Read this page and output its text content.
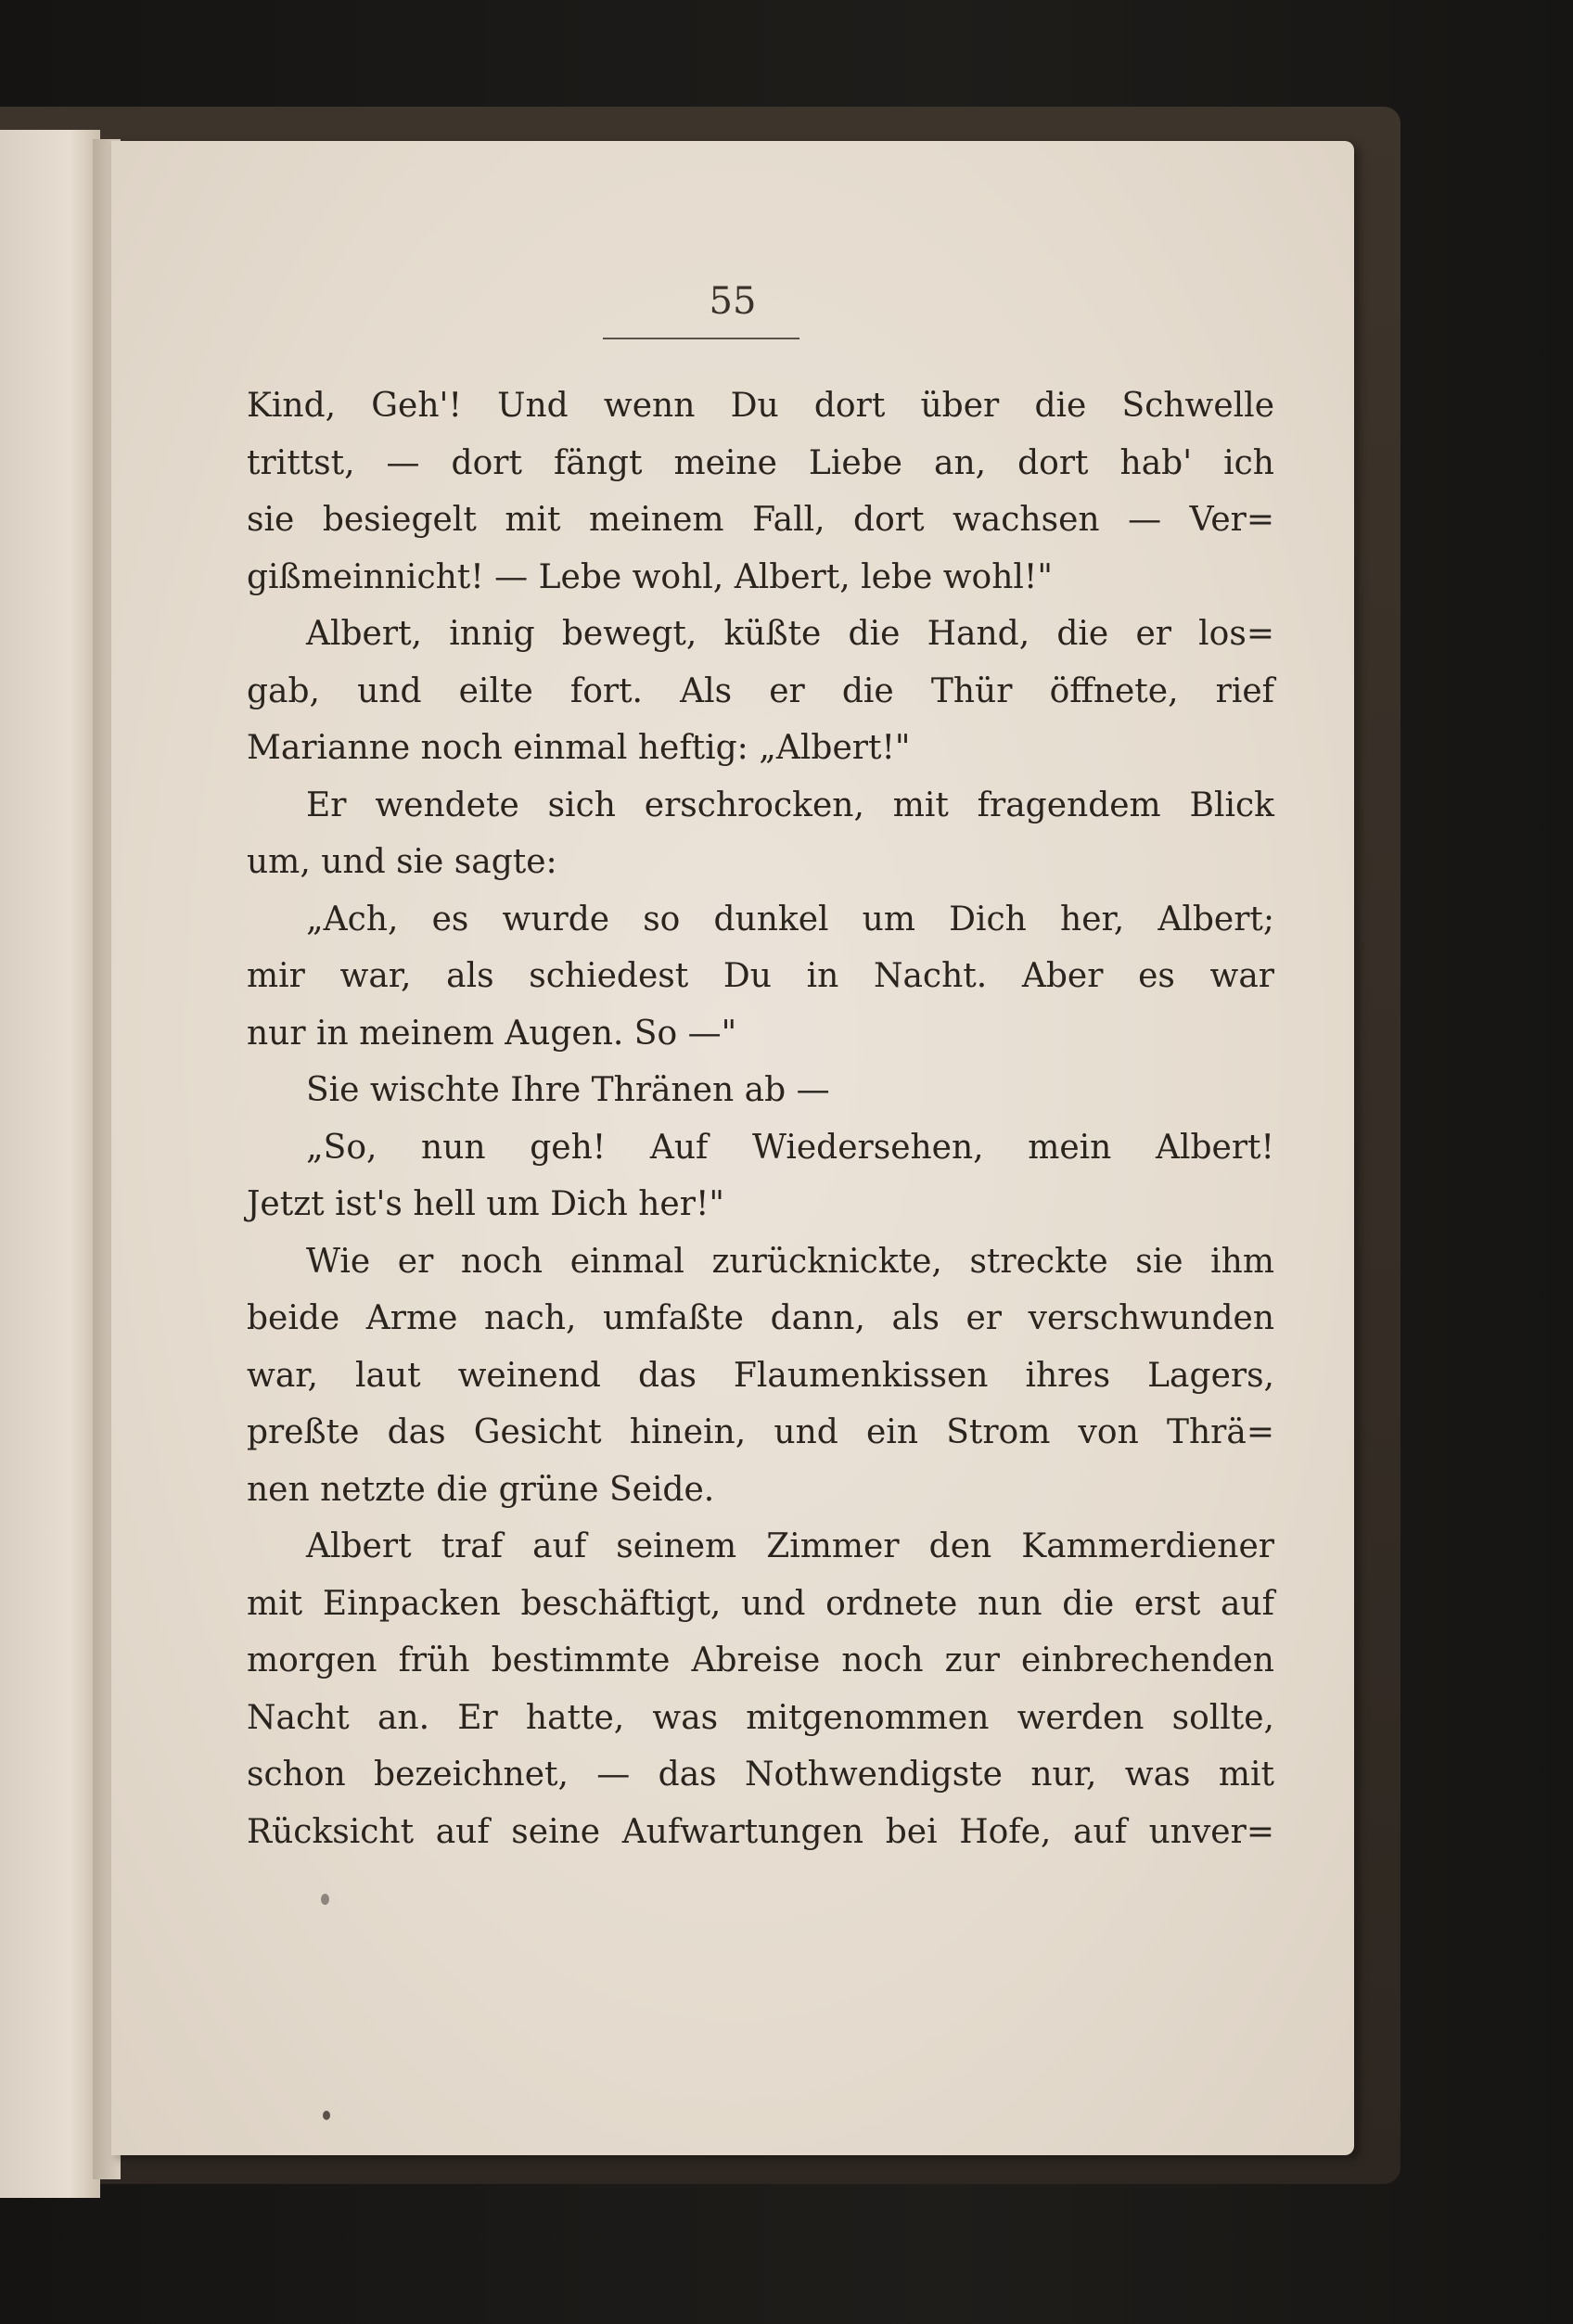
55
Kind, Geh'! Und wenn Du dort über die Schwelle
trittst, — dort fängt meine Liebe an, dort hab' ich
sie besiegelt mit meinem Fall, dort wachsen — Ver=
gißmeinnicht! — Lebe wohl, Albert, lebe wohl!"
Albert, innig bewegt, küßte die Hand, die er los=
gab, und eilte fort. Als er die Thür öffnete, rief
Marianne noch einmal heftig: „Albert!"
Er wendete sich erschrocken, mit fragendem Blick
um, und sie sagte:
„Ach, es wurde so dunkel um Dich her, Albert;
mir war, als schiedest Du in Nacht. Aber es war
nur in meinem Augen. So —"
Sie wischte Ihre Thränen ab —
„So, nun geh! Auf Wiedersehen, mein Albert!
Jetzt ist's hell um Dich her!"
Wie er noch einmal zurücknickte, streckte sie ihm
beide Arme nach, umfaßte dann, als er verschwunden
war, laut weinend das Flaumenkissen ihres Lagers,
preßte das Gesicht hinein, und ein Strom von Thrä=
nen netzte die grüne Seide.
Albert traf auf seinem Zimmer den Kammerdiener
mit Einpacken beschäftigt, und ordnete nun die erst auf
morgen früh bestimmte Abreise noch zur einbrechenden
Nacht an. Er hatte, was mitgenommen werden sollte,
schon bezeichnet, — das Nothwendigste nur, was mit
Rücksicht auf seine Aufwartungen bei Hofe, auf unver=
